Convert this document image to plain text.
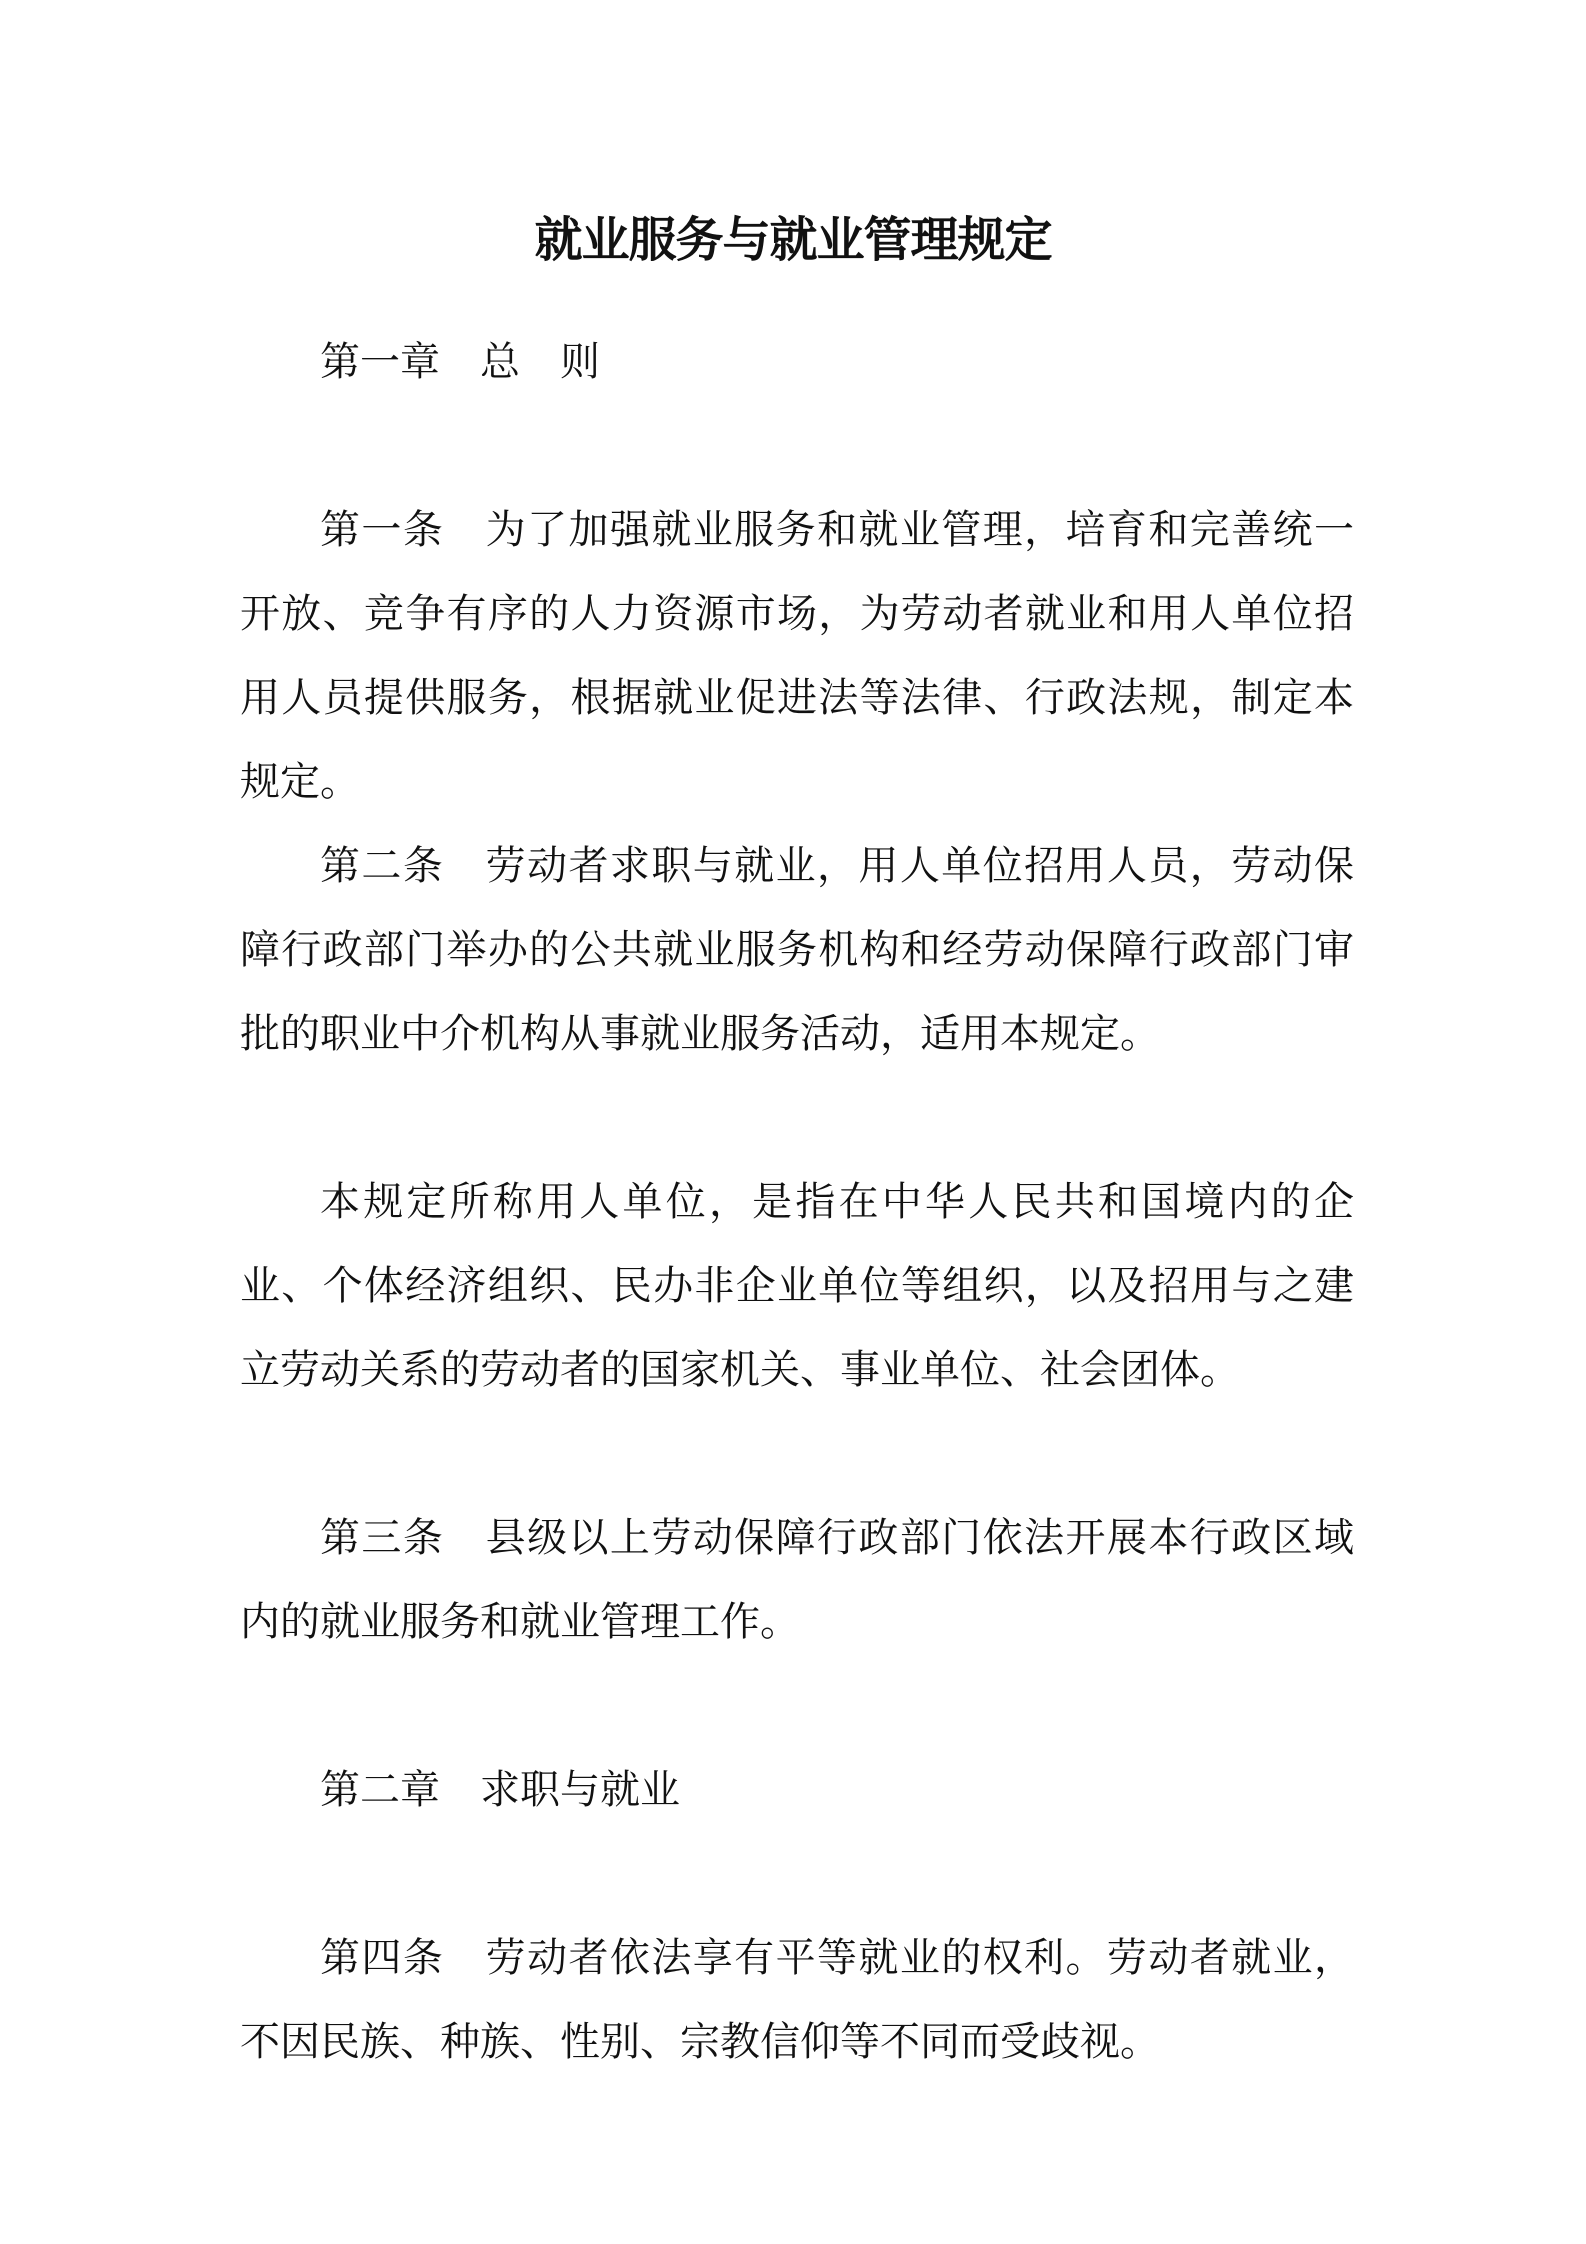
就业服务与就业管理规定

第一章　 总　则

第一条　 为了加强就业服务和就业管理，培育和完善统一开放、竞争有序的人力资源市场，为劳动者就业和用人单位招用人员提供服务，根据就业促进法等法律、行政法规，制定本规定。

第二条　 劳动者求职与就业，用人单位招用人员，劳动保障行政部门举办的公共就业服务机构和经劳动保障行政部门审批的职业中介机构从事就业服务活动，适用本规定。

本规定所称用人单位，是指在中华人民共和国境内的企业、个体经济组织、民办非企业单位等组织，以及招用与之建立劳动关系的劳动者的国家机关、事业单位、社会团体。

第三条　 县级以上劳动保障行政部门依法开展本行政区域内的就业服务和就业管理工作。

第二章　 求职与就业

第四条　 劳动者依法享有平等就业的权利。劳动者就业，不因民族、种族、性别、宗教信仰等不同而受歧视。
